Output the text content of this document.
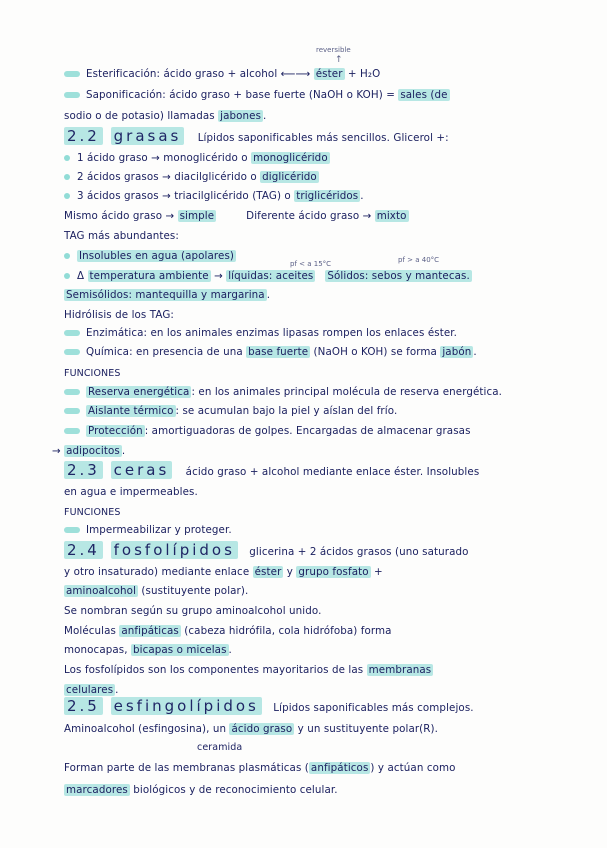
reversible
↑
Esterificación: ácido graso + alcohol ⟵⟶ éster + H₂O
Saponificación: ácido graso + base fuerte (NaOH o KOH) = sales (de
sodio o de potasio) llamadas jabones .
2.2 grasas Lípidos saponificables más sencillos. Glicerol +:
1 ácido graso → monoglicérido o monoglicérido
2 ácidos grasos → diacilglicérido o diglicérido
3 ácidos grasos → triacilglicérido (TAG) o triglicéridos .
Mismo ácido graso → simple	Diferente ácido graso → mixto
TAG más abundantes:
Insolubles en agua (apolares)
pf < a 15°C	pf > a 40°C
Δ temperatura ambiente → líquidas: aceites Sólidos: sebos y mantecas.
Semisólidos: mantequilla y margarina .
Hidrólisis de los TAG:
Enzimática: en los animales enzimas lipasas rompen los enlaces éster.
Química: en presencia de una base fuerte (NaOH o KOH) se forma jabón .
FUNCIONES
Reserva energética : en los animales principal molécula de reserva energética.
Aislante térmico : se acumulan bajo la piel y aíslan del frío.
Protección : amortiguadoras de golpes. Encargadas de almacenar grasas
→ adipocitos .
2.3 ceras ácido graso + alcohol mediante enlace éster. Insolubles
en agua e impermeables.
FUNCIONES
Impermeabilizar y proteger.
2.4 fosfolípidos glicerina + 2 ácidos grasos (uno saturado
y otro insaturado) mediante enlace éster y grupo fosfato +
aminoalcohol (sustituyente polar).
Se nombran según su grupo aminoalcohol unido.
Moléculas anfipáticas (cabeza hidrófila, cola hidrófoba) forma
monocapas, bicapas o micelas .
Los fosfolípidos son los componentes mayoritarios de las membranas
celulares .
2.5 esfingolípidos Lípidos saponificables más complejos.
Aminoalcohol (esfingosina), un ácido graso y un sustituyente polar(R).
ceramida
Forman parte de las membranas plasmáticas ( anfipáticos ) y actúan como
marcadores biológicos y de reconocimiento celular.
